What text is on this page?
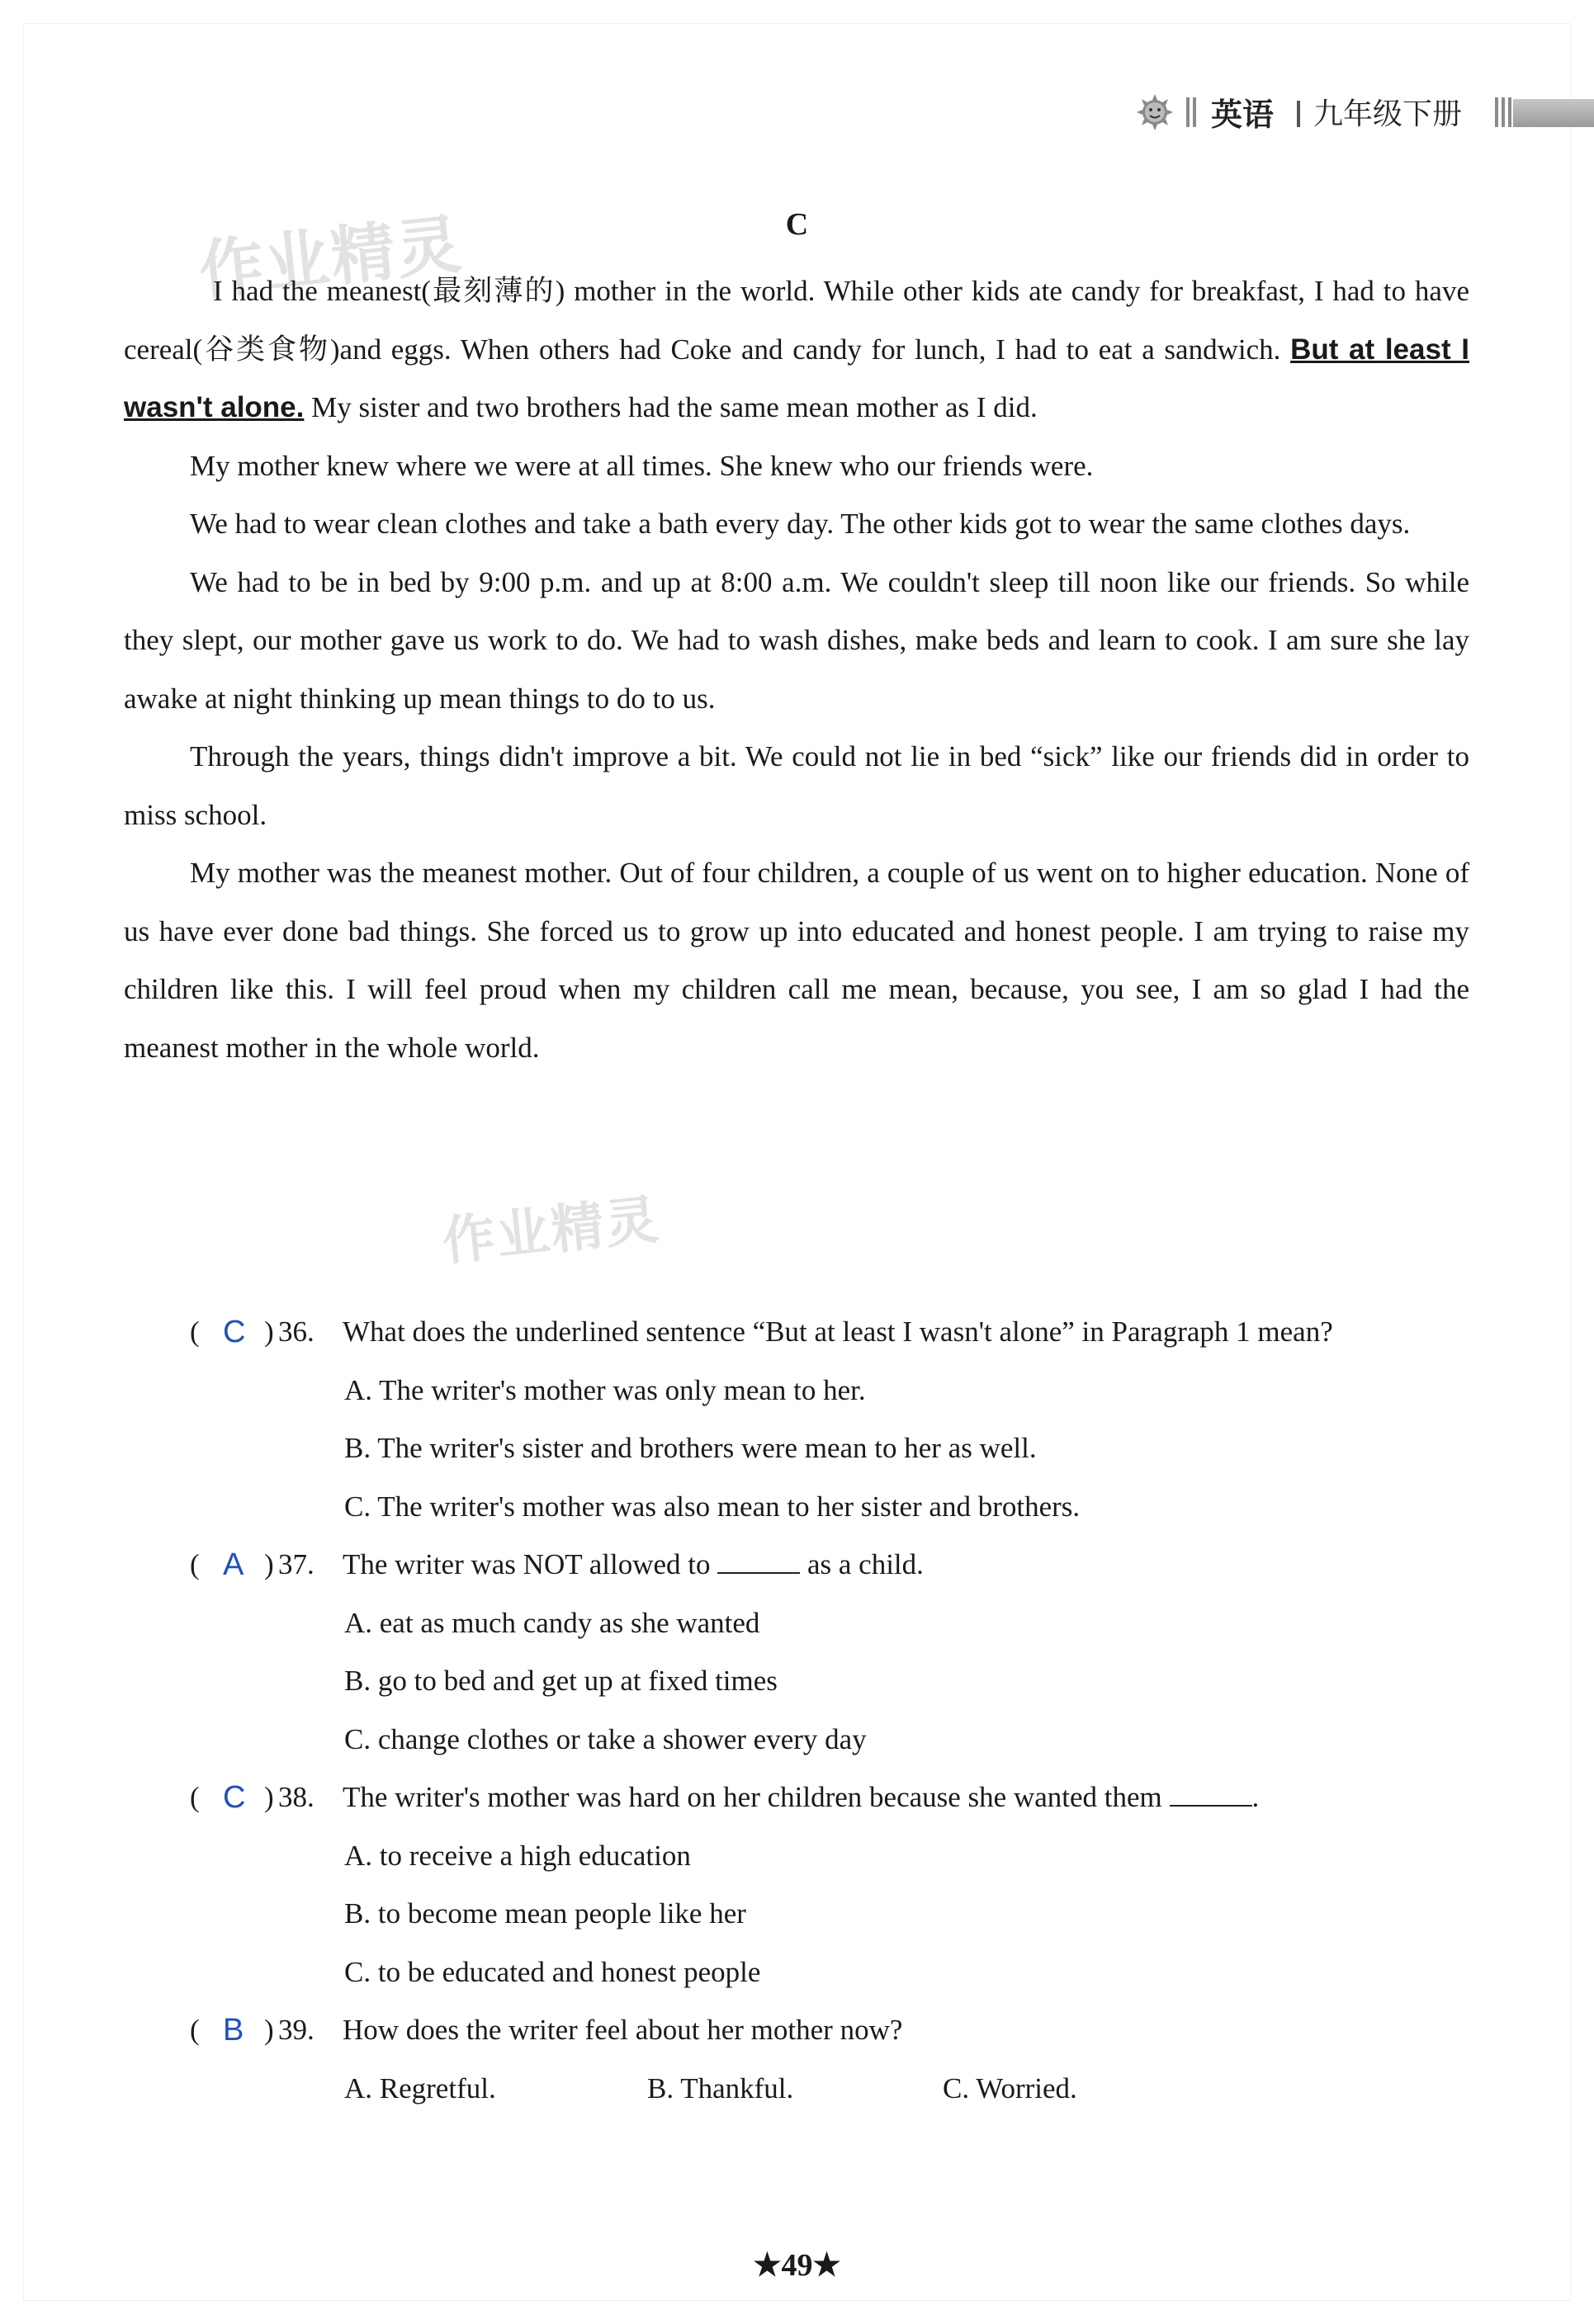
英语 九年级下册
作业精灵
作业精灵
C

I had the meanest(最刻薄的) mother in the world. While other kids ate candy for breakfast, I had to have cereal(谷类食物)and eggs. When others had Coke and candy for lunch, I had to eat a sandwich. But at least I wasn't alone. My sister and two brothers had the same mean mother as I did.

My mother knew where we were at all times. She knew who our friends were.

We had to wear clean clothes and take a bath every day. The other kids got to wear the same clothes days.

We had to be in bed by 9:00 p.m. and up at 8:00 a.m. We couldn't sleep till noon like our friends. So while they slept, our mother gave us work to do. We had to wash dishes, make beds and learn to cook. I am sure she lay awake at night thinking up mean things to do to us.

Through the years, things didn't improve a bit. We could not lie in bed “sick” like our friends did in order to miss school.

My mother was the meanest mother. Out of four children, a couple of us went on to higher education. None of us have ever done bad things. She forced us to grow up into educated and honest people. I am trying to raise my children like this. I will feel proud when my children call me mean, because, you see, I am so glad I had the meanest mother in the whole world.

( C ) 36. What does the underlined sentence “But at least I wasn't alone” in Paragraph 1 mean?
A. The writer's mother was only mean to her.
B. The writer's sister and brothers were mean to her as well.
C. The writer's mother was also mean to her sister and brothers.
( A ) 37. The writer was NOT allowed to	as a child.
A. eat as much candy as she wanted
B. go to bed and get up at fixed times
C. change clothes or take a shower every day
( C ) 38. The writer's mother was hard on her children because she wanted them	.
A. to receive a high education
B. to become mean people like her
C. to be educated and honest people
( B ) 39. How does the writer feel about her mother now?
A. Regretful.	B. Thankful.	C. Worried.
★49★
